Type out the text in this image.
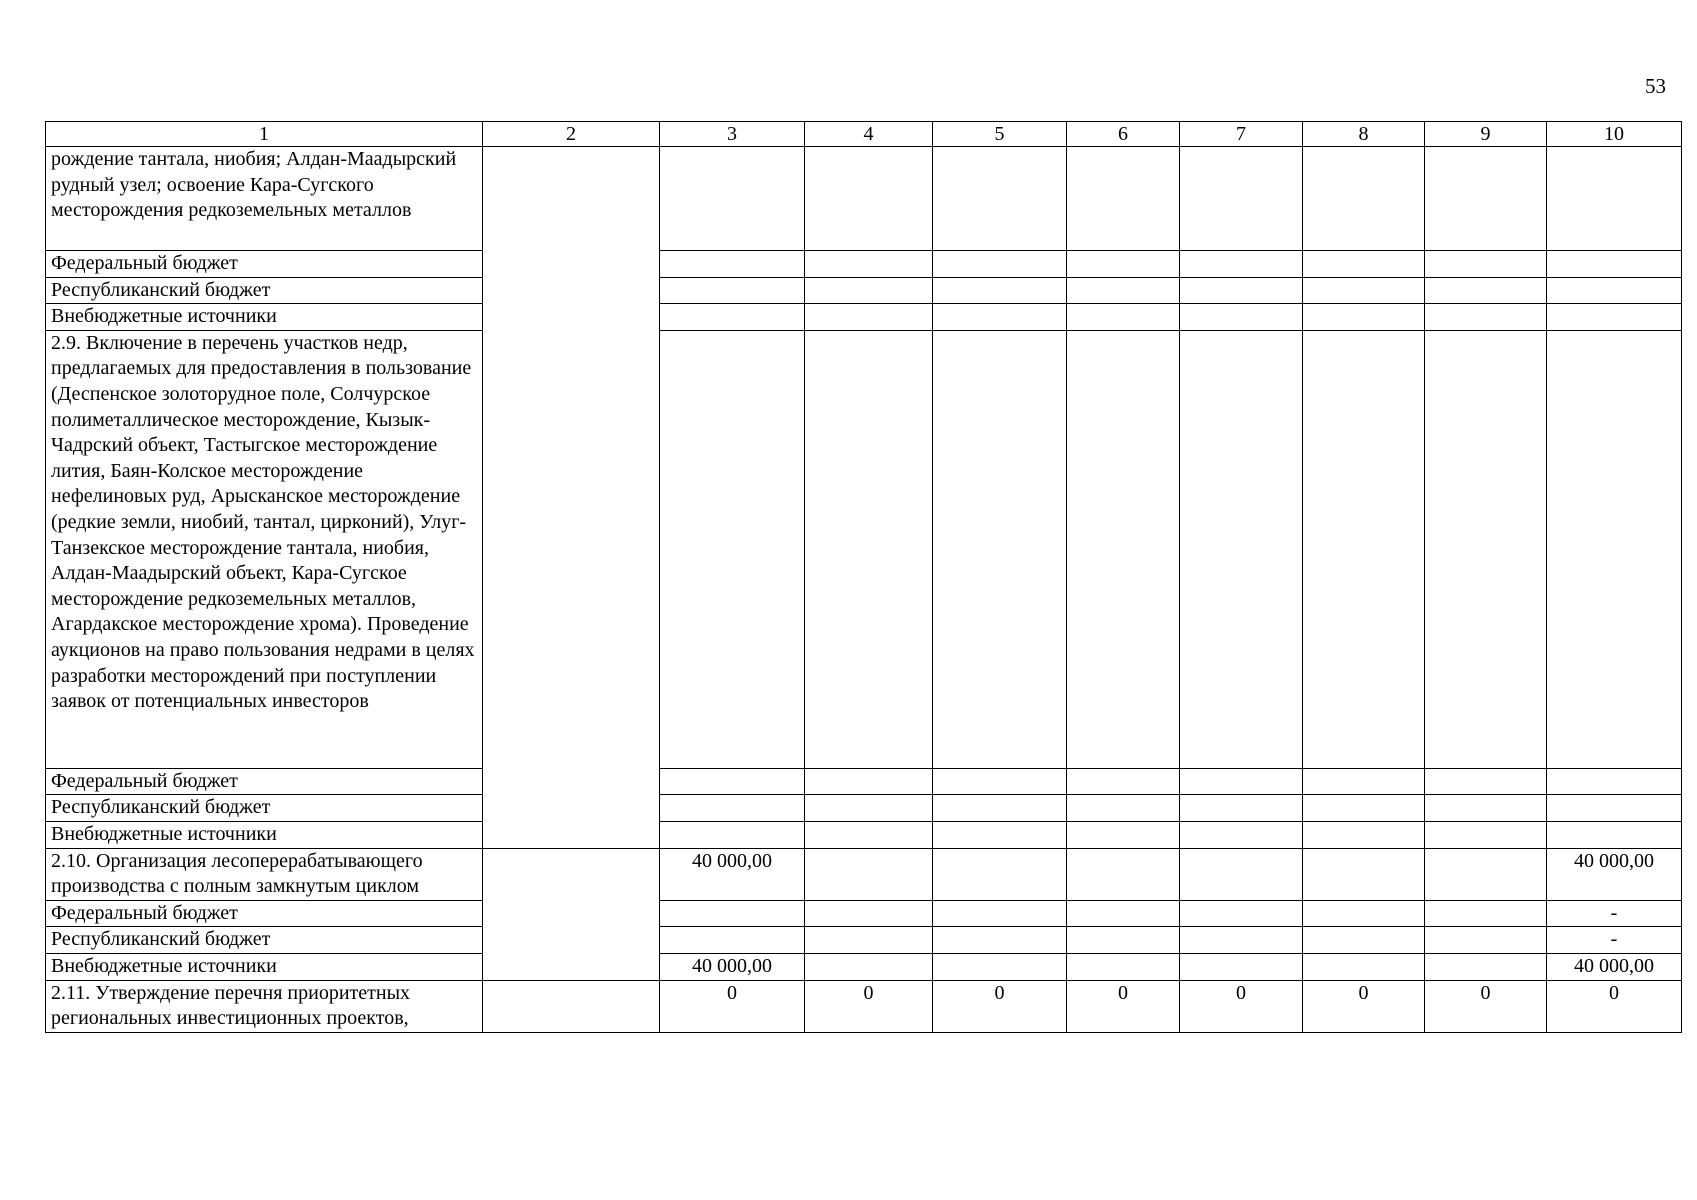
53
1	2	3	4	5	6	7	8	9	10
рождение тантала, ниобия; Алдан-Маадырский рудный узел; освоение Кара-Сугского месторождения редкоземельных металлов									
Федеральный бюджет									
Республиканский бюджет									
Внебюджетные источники									
2.9. Включение в перечень участков недр, предлагаемых для предоставления в пользование (Деспенское золоторудное поле, Солчурское полиметаллическое месторождение, Кызык-Чадрский объект, Тастыгское месторождение лития, Баян-Колское месторождение нефелиновых руд, Арысканское месторождение (редкие земли, ниобий, тантал, цирконий), Улуг-Танзекское месторождение тантала, ниобия, Алдан-Маадырский объект, Кара-Сугское месторождение редкоземельных металлов, Агардакское месторождение хрома). Проведение аукционов на право пользования недрами в целях разработки месторождений при поступлении заявок от потенциальных инвесторов									
Федеральный бюджет									
Республиканский бюджет									
Внебюджетные источники									
2.10. Организация лесоперерабатывающего производства с полным замкнутым циклом		40 000,00							40 000,00
Федеральный бюджет									-
Республиканский бюджет									-
Внебюджетные источники		40 000,00							40 000,00
2.11. Утверждение перечня приоритетных региональных инвестиционных проектов,		0	0	0	0	0	0	0	0
